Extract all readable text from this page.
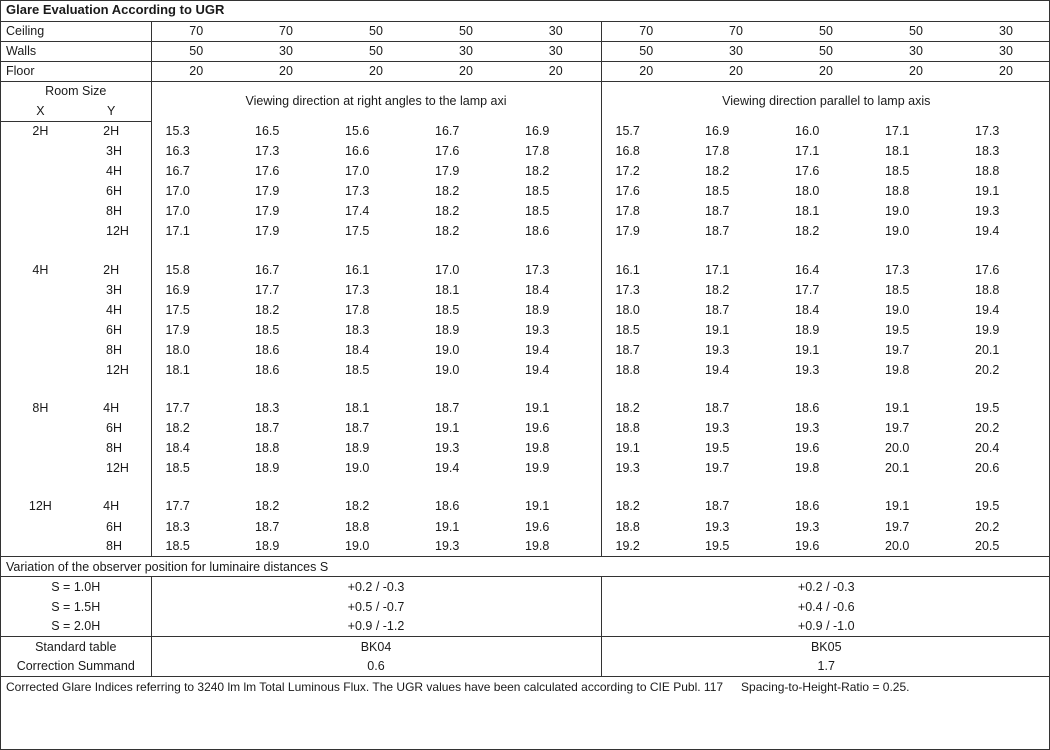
Glare Evaluation According to UGR										
Ceiling	70	70	50	50	30	70	70	50	50	30
Walls	50	30	50	30	30	50	30	50	30	30
Floor	20	20	20	20	20	20	20	20	20	20
Room Size	Viewing direction at right angles to the lamp axi					Viewing direction parallel to lamp axis				
X Y										
2H 2H	15.3	16.5	15.6	16.7	16.9	15.7	16.9	16.0	17.1	17.3
3H	16.3	17.3	16.6	17.6	17.8	16.8	17.8	17.1	18.1	18.3
4H	16.7	17.6	17.0	17.9	18.2	17.2	18.2	17.6	18.5	18.8
6H	17.0	17.9	17.3	18.2	18.5	17.6	18.5	18.0	18.8	19.1
8H	17.0	17.9	17.4	18.2	18.5	17.8	18.7	18.1	19.0	19.3
12H	17.1	17.9	17.5	18.2	18.6	17.9	18.7	18.2	19.0	19.4

4H 2H	15.8	16.7	16.1	17.0	17.3	16.1	17.1	16.4	17.3	17.6
3H	16.9	17.7	17.3	18.1	18.4	17.3	18.2	17.7	18.5	18.8
4H	17.5	18.2	17.8	18.5	18.9	18.0	18.7	18.4	19.0	19.4
6H	17.9	18.5	18.3	18.9	19.3	18.5	19.1	18.9	19.5	19.9
8H	18.0	18.6	18.4	19.0	19.4	18.7	19.3	19.1	19.7	20.1
12H	18.1	18.6	18.5	19.0	19.4	18.8	19.4	19.3	19.8	20.2

8H 4H	17.7	18.3	18.1	18.7	19.1	18.2	18.7	18.6	19.1	19.5
6H	18.2	18.7	18.7	19.1	19.6	18.8	19.3	19.3	19.7	20.2
8H	18.4	18.8	18.9	19.3	19.8	19.1	19.5	19.6	20.0	20.4
12H	18.5	18.9	19.0	19.4	19.9	19.3	19.7	19.8	20.1	20.6

12H 4H	17.7	18.2	18.2	18.6	19.1	18.2	18.7	18.6	19.1	19.5
6H	18.3	18.7	18.8	19.1	19.6	18.8	19.3	19.3	19.7	20.2
8H	18.5	18.9	19.0	19.3	19.8	19.2	19.5	19.6	20.0	20.5
Variation of the observer position for luminaire distances S										
S = 1.0H	+0.2 / -0.3					+0.2 / -0.3				
S = 1.5H	+0.5 / -0.7					+0.4 / -0.6				
S = 2.0H	+0.9 / -1.2					+0.9 / -1.0				
Standard table	BK04					BK05				
Correction Summand	0.6					1.7				
Corrected Glare Indices referring to 3240 lm lm Total Luminous Flux. The UGR values have been calculated according to CIE Publ. 117 Spacing-to-Height-Ratio = 0.25.										
